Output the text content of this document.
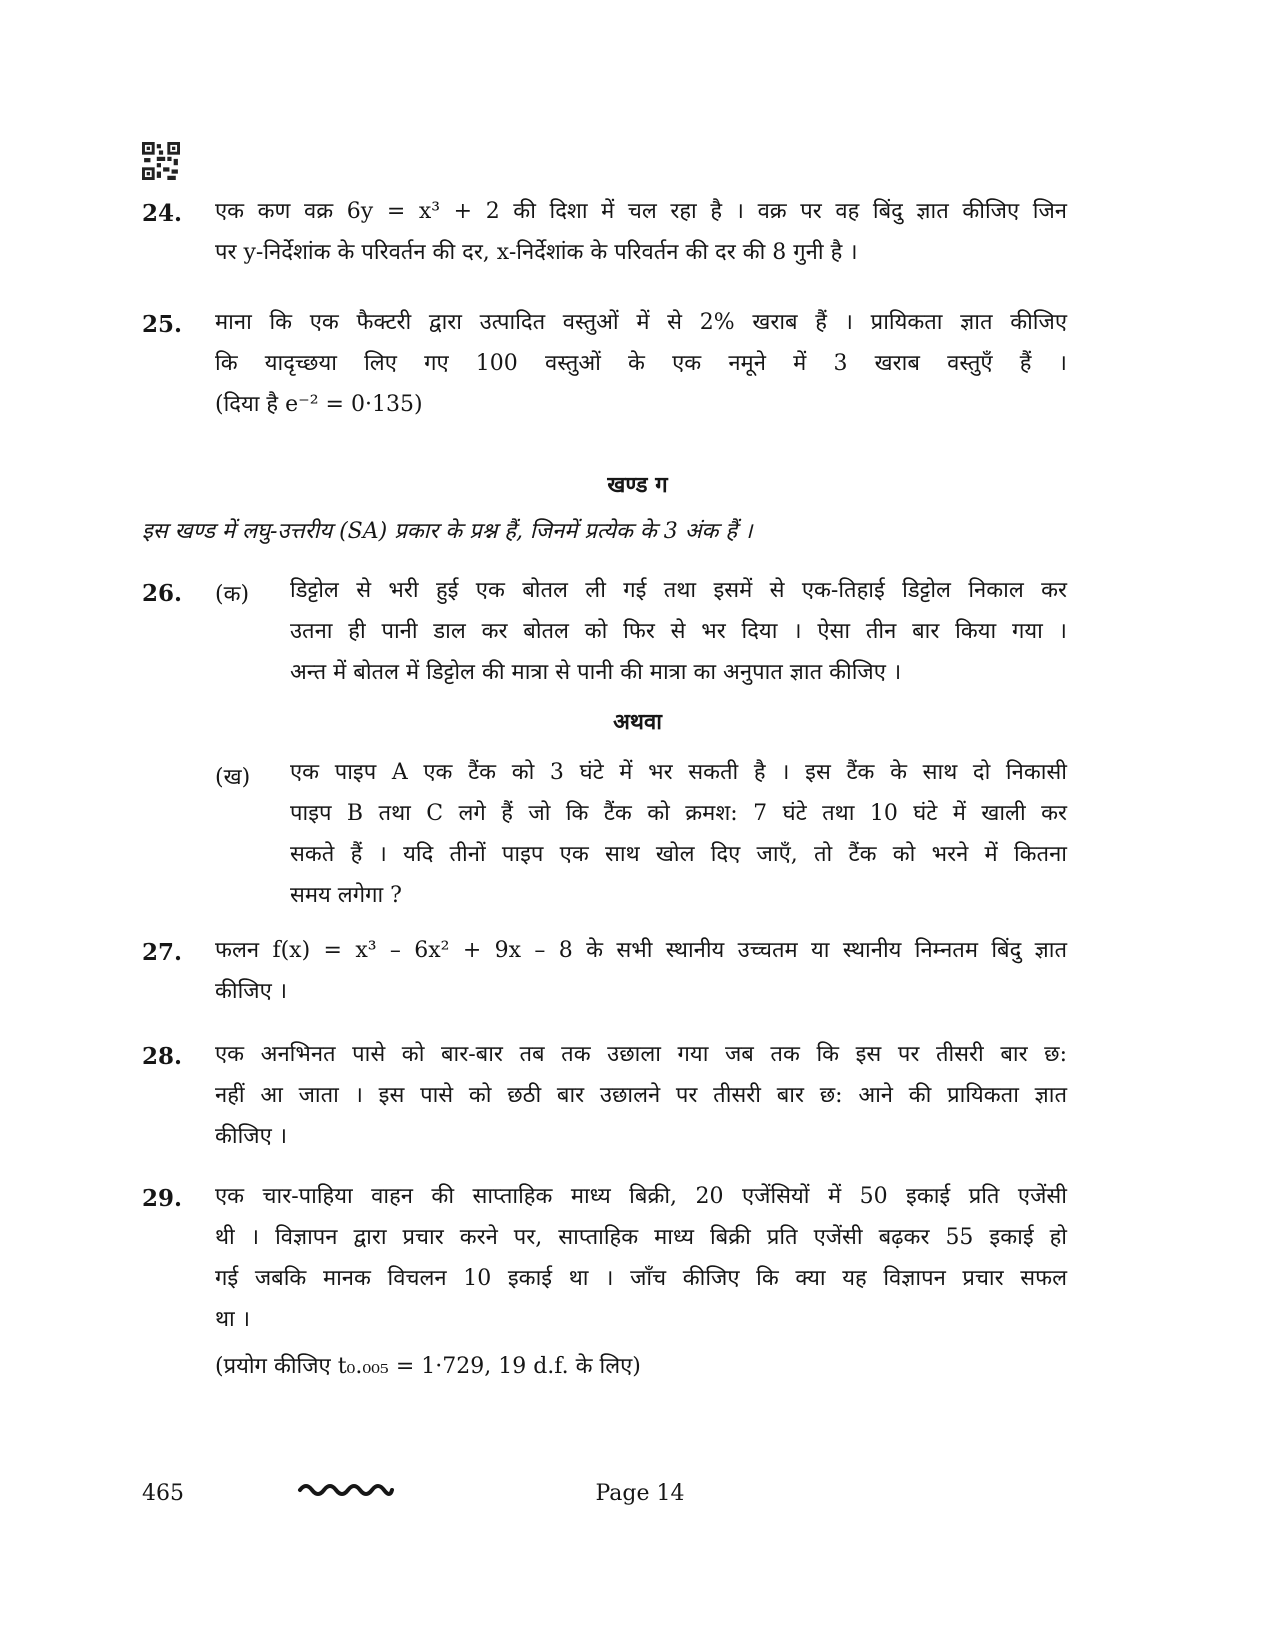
24. एक कण वक्र 6y = x³ + 2 की दिशा में चल रहा है । वक्र पर वह बिंदु ज्ञात कीजिए जिन
पर y-निर्देशांक के परिवर्तन की दर, x-निर्देशांक के परिवर्तन की दर की 8 गुनी है ।
25. माना कि एक फैक्टरी द्वारा उत्पादित वस्तुओं में से 2% खराब हैं । प्रायिकता ज्ञात कीजिए
कि यादृच्छया लिए गए 100 वस्तुओं के एक नमूने में 3 खराब वस्तुएँ हैं ।
(दिया है e⁻² = 0·135)
खण्ड ग
इस खण्ड में लघु-उत्तरीय (SA) प्रकार के प्रश्न हैं, जिनमें प्रत्येक के 3 अंक हैं ।
26. (क) डिट्टोल से भरी हुई एक बोतल ली गई तथा इसमें से एक-तिहाई डिट्टोल निकाल कर
उतना ही पानी डाल कर बोतल को फिर से भर दिया । ऐसा तीन बार किया गया ।
अन्त में बोतल में डिट्टोल की मात्रा से पानी की मात्रा का अनुपात ज्ञात कीजिए ।
अथवा
(ख) एक पाइप A एक टैंक को 3 घंटे में भर सकती है । इस टैंक के साथ दो निकासी
पाइप B तथा C लगे हैं जो कि टैंक को क्रमश: 7 घंटे तथा 10 घंटे में खाली कर
सकते हैं । यदि तीनों पाइप एक साथ खोल दिए जाएँ, तो टैंक को भरने में कितना
समय लगेगा ?
27. फलन f(x) = x³ – 6x² + 9x – 8 के सभी स्थानीय उच्चतम या स्थानीय निम्नतम बिंदु ज्ञात
कीजिए ।
28. एक अनभिनत पासे को बार-बार तब तक उछाला गया जब तक कि इस पर तीसरी बार छ:
नहीं आ जाता । इस पासे को छठी बार उछालने पर तीसरी बार छ: आने की प्रायिकता ज्ञात
कीजिए ।
29. एक चार-पाहिया वाहन की साप्ताहिक माध्य बिक्री, 20 एजेंसियों में 50 इकाई प्रति एजेंसी
थी । विज्ञापन द्वारा प्रचार करने पर, साप्ताहिक माध्य बिक्री प्रति एजेंसी बढ़कर 55 इकाई हो
गई जबकि मानक विचलन 10 इकाई था । जाँच कीजिए कि क्या यह विज्ञापन प्रचार सफल
था ।
(प्रयोग कीजिए t₀.₀₀₅ = 1·729, 19 d.f. के लिए)
465	Page 14
